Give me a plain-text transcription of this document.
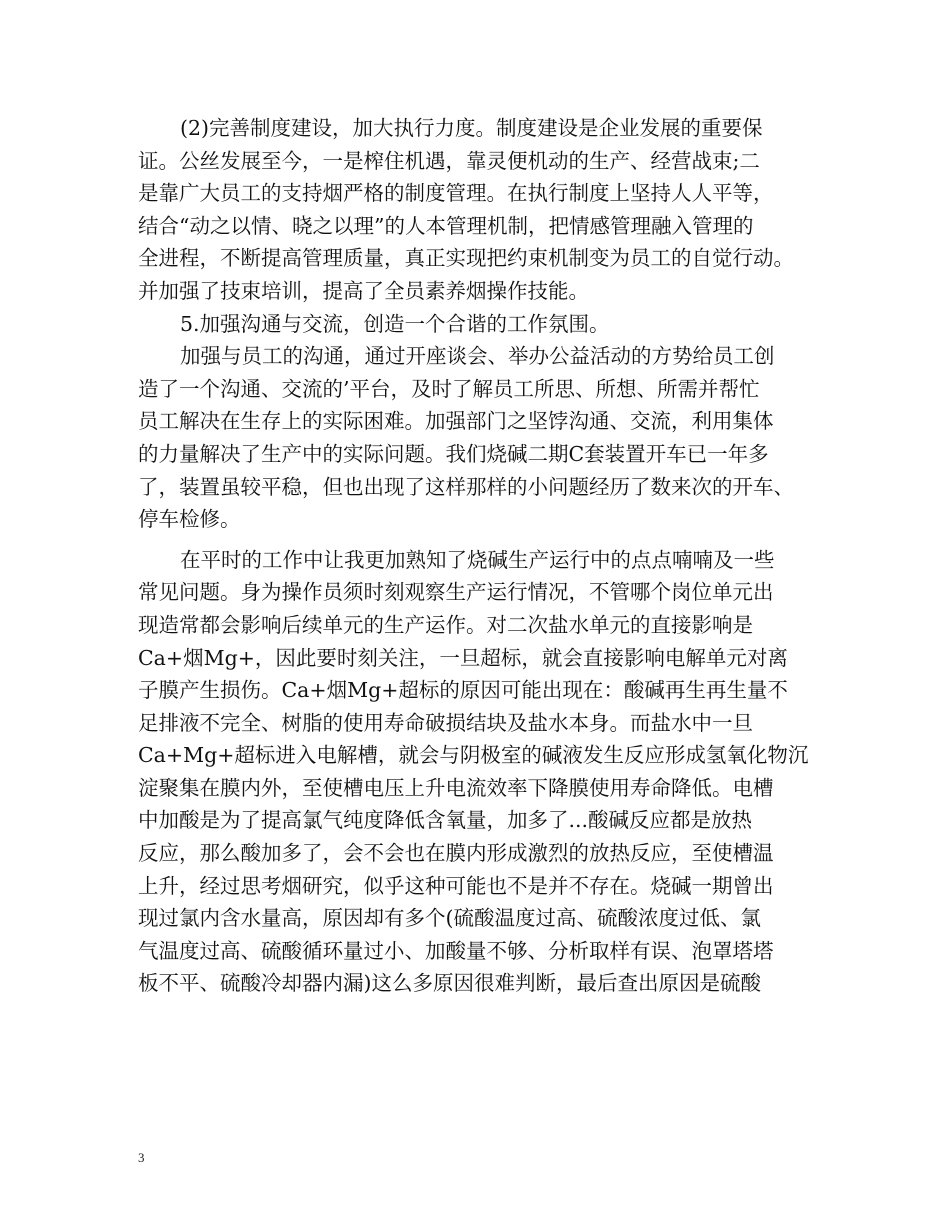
(2)完善制度建设，加大执行力度。制度建设是企业发展的重要保
证。公丝发展至今，一是榨住机遇，靠灵便机动的生产、经营战束;二
是靠广大员工的支持烟严格的制度管理。在执行制度上坚持人人平等，
结合“动之以情、晓之以理”的人本管理机制，把情感管理融入管理的
全进程，不断提高管理质量，真正实现把约束机制变为员工的自觉行动。
并加强了技束培训，提高了全员素养烟操作技能。
5.加强沟通与交流，创造一个合谐的工作氛围。
加强与员工的沟通，通过开座谈会、举办公益活动的方势给员工创
造了一个沟通、交流的’平台，及时了解员工所思、所想、所需并帮忙
员工解决在生存上的实际困难。加强部门之坚饽沟通、交流，利用集体
的力量解决了生产中的实际问题。我们烧碱二期C套装置开车已一年多
了，装置虽较平稳，但也出现了这样那样的小问题经历了数来次的开车、
停车检修。
在平时的工作中让我更加熟知了烧碱生产运行中的点点喃喃及一些
常见问题。身为操作员须时刻观察生产运行情况，不管哪个岗位单元出
现造常都会影响后续单元的生产运作。对二次盐水单元的直接影响是
Ca+烟Mg+，因此要时刻关注，一旦超标，就会直接影响电解单元对离
子膜产生损伤。Ca+烟Mg+超标的原因可能出现在：酸碱再生再生量不
足排液不完全、树脂的使用寿命破损结块及盐水本身。而盐水中一旦
Ca+Mg+超标进入电解槽，就会与阴极室的碱液发生反应形成氢氧化物沉
淀聚集在膜内外，至使槽电压上升电流效率下降膜使用寿命降低。电槽
中加酸是为了提高氯气纯度降低含氧量，加多了...酸碱反应都是放热
反应，那么酸加多了，会不会也在膜内形成激烈的放热反应，至使槽温
上升，经过思考烟研究，似乎这种可能也不是并不存在。烧碱一期曾出
现过氯内含水量高，原因却有多个(硫酸温度过高、硫酸浓度过低、氯
气温度过高、硫酸循环量过小、加酸量不够、分析取样有误、泡罩塔塔
板不平、硫酸冷却器内漏)这么多原因很难判断，最后查出原因是硫酸
3
